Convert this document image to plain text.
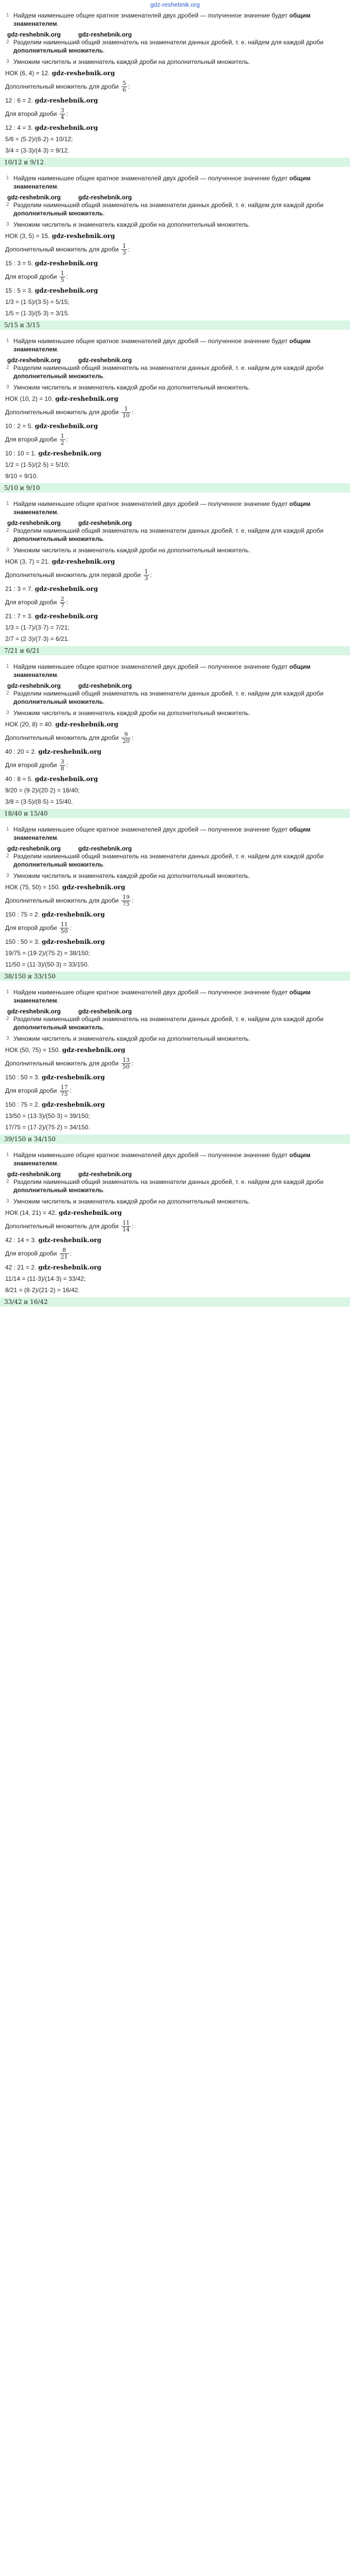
gdz-reshebnik.org
1 Найдем наименьшее общее кратное знаменателей двух дробей — полученное значение будет общим знаменателем.
gdz-reshebnik.org	gdz-reshebnik.org
2 Разделим наименьший общий знаменатель на знаменатели данных дробей, т. е. найдем для каждой дроби дополнительный множитель.
3 Умножим числитель и знаменатель каждой дроби на дополнительный множитель.
НОК (6, 4) = 12. gdz-reshebnik.org
Дополнительный множитель для дроби $\frac{5}{6}$ :
12 : 6 = 2. gdz-reshebnik.org
Для второй дроби $\frac{3}{4}$ :
12 : 4 = 3. gdz-reshebnik.org
5/6 = (5·2)/(6·2) = 10/12;
3/4 = (3·3)/(4·3) = 9/12.
10/12 и 9/12
1 Найдем наименьшее общее кратное знаменателей двух дробей — полученное значение будет общим знаменателем.
gdz-reshebnik.org	gdz-reshebnik.org
2 Разделим наименьший общий знаменатель на знаменатели данных дробей, т. е. найдем для каждой дроби дополнительный множитель.
3 Умножим числитель и знаменатель каждой дроби на дополнительный множитель.
НОК (3, 5) = 15. gdz-reshebnik.org
Дополнительный множитель для дроби $\frac{1}{3}$ :
15 : 3 = 5. gdz-reshebnik.org
Для второй дроби $\frac{1}{5}$ :
15 : 5 = 3. gdz-reshebnik.org
1/3 = (1·5)/(3·5) = 5/15;
1/5 = (1·3)/(5·3) = 3/15.
5/15 и 3/15
1 Найдем наименьшее общее кратное знаменателей двух дробей — полученное значение будет общим знаменателем.
gdz-reshebnik.org	gdz-reshebnik.org
2 Разделим наименьший общий знаменатель на знаменатели данных дробей, т. е. найдем для каждой дроби дополнительный множитель.
3 Умножим числитель и знаменатель каждой дроби на дополнительный множитель.
НОК (10, 2) = 10. gdz-reshebnik.org
Дополнительный множитель для дроби $\frac{1}{10}$ :
10 : 2 = 5. gdz-reshebnik.org
Для второй дроби $\frac{1}{2}$ :
10 : 10 = 1. gdz-reshebnik.org
1/2 = (1·5)/(2·5) = 5/10;
9/10 = 9/10.
5/10 и 9/10
1 Найдем наименьшее общее кратное знаменателей двух дробей — полученное значение будет общим знаменателем.
gdz-reshebnik.org	gdz-reshebnik.org
2 Разделим наименьший общий знаменатель на знаменатели данных дробей, т. е. найдем для каждой дроби дополнительный множитель.
3 Умножим числитель и знаменатель каждой дроби на дополнительный множитель.
НОК (3, 7) = 21. gdz-reshebnik.org
Дополнительный множитель для первой дроби $\frac{1}{3}$ :
21 : 3 = 7. gdz-reshebnik.org
Для второй дроби $\frac{2}{7}$ :
21 : 7 = 3. gdz-reshebnik.org
1/3 = (1·7)/(3·7) = 7/21;
2/7 = (2·3)/(7·3) = 6/21.
7/21 и 6/21
1 Найдем наименьшее общее кратное знаменателей двух дробей — полученное значение будет общим знаменателем.
gdz-reshebnik.org	gdz-reshebnik.org
2 Разделим наименьший общий знаменатель на знаменатели данных дробей, т. е. найдем для каждой дроби дополнительный множитель.
3 Умножим числитель и знаменатель каждой дроби на дополнительный множитель.
НОК (20, 8) = 40. gdz-reshebnik.org
Дополнительный множитель для дроби $\frac{9}{20}$ :
40 : 20 = 2. gdz-reshebnik.org
Для второй дроби $\frac{3}{8}$ :
40 : 8 = 5. gdz-reshebnik.org
9/20 = (9·2)/(20·2) = 18/40;
3/8 = (3·5)/(8·5) = 15/40.
18/40 и 15/40
1 Найдем наименьшее общее кратное знаменателей двух дробей — полученное значение будет общим знаменателем.
gdz-reshebnik.org	gdz-reshebnik.org
2 Разделим наименьший общий знаменатель на знаменатели данных дробей, т. е. найдем для каждой дроби дополнительный множитель.
3 Умножим числитель и знаменатель каждой дроби на дополнительный множитель.
НОК (75, 50) = 150. gdz-reshebnik.org
Дополнительный множитель для дроби $\frac{19}{75}$ :
150 : 75 = 2. gdz-reshebnik.org
Для второй дроби $\frac{11}{50}$ :
150 : 50 = 3. gdz-reshebnik.org
19/75 = (19·2)/(75·2) = 38/150;
11/50 = (11·3)/(50·3) = 33/150.
38/150 и 33/150
1 Найдем наименьшее общее кратное знаменателей двух дробей — полученное значение будет общим знаменателем.
gdz-reshebnik.org	gdz-reshebnik.org
2 Разделим наименьший общий знаменатель на знаменатели данных дробей, т. е. найдем для каждой дроби дополнительный множитель.
3 Умножим числитель и знаменатель каждой дроби на дополнительный множитель.
НОК (50, 75) = 150. gdz-reshebnik.org
Дополнительный множитель для дроби $\frac{13}{50}$ :
150 : 50 = 3. gdz-reshebnik.org
Для второй дроби $\frac{17}{75}$ :
150 : 75 = 2. gdz-reshebnik.org
13/50 = (13·3)/(50·3) = 39/150;
17/75 = (17·2)/(75·2) = 34/150.
39/150 и 34/150
1 Найдем наименьшее общее кратное знаменателей двух дробей — полученное значение будет общим знаменателем.
gdz-reshebnik.org	gdz-reshebnik.org
2 Разделим наименьший общий знаменатель на знаменатели данных дробей, т. е. найдем для каждой дроби дополнительный множитель.
3 Умножим числитель и знаменатель каждой дроби на дополнительный множитель.
НОК (14, 21) = 42. gdz-reshebnik.org
Дополнительный множитель для дроби $\frac{11}{14}$ :
42 : 14 = 3. gdz-reshebnik.org
Для второй дроби $\frac{8}{21}$ :
42 : 21 = 2. gdz-reshebnik.org
11/14 = (11·3)/(14·3) = 33/42;
8/21 = (8·2)/(21·2) = 16/42.
33/42 и 16/42
